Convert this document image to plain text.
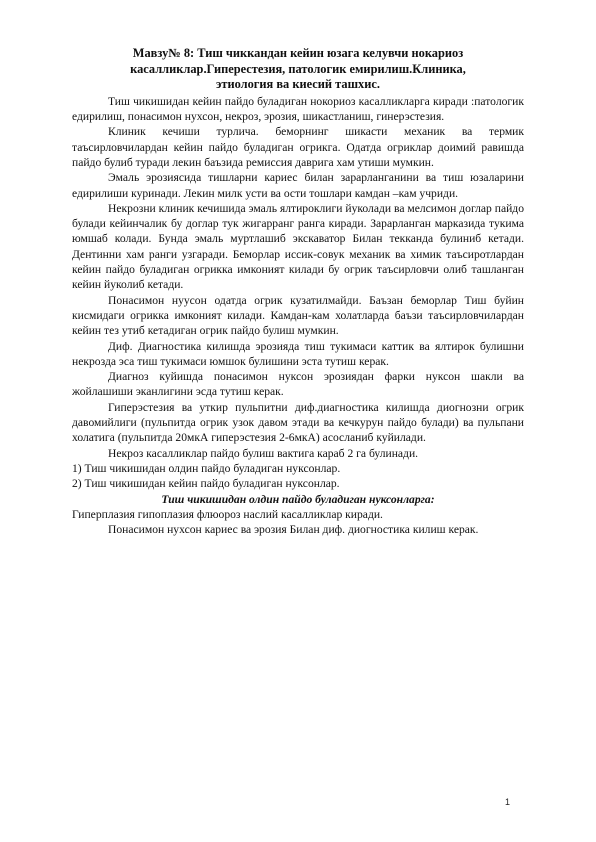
Мавзу№ 8: Тиш чиккандан кейин юзага келувчи нокариоз
касалликлар.Гиперестезия, патологик емирилиш.Клиника,
этиология ва киесий ташхис.

Тиш чикишидан кейин пайдо буладиган нокориоз касалликларга киради :патологик едирилиш, понасимон нухсон, некроз, эрозия, шикастланиш, гинерэстезия.

Клиник кечиши турлича. беморнинг шикасти механик ва термик таъсирловчилардан кейин пайдо буладиган огрикга. Одатда огриклар доимий равишда пайдо булиб туради лекин баъзида ремиссия даврига хам утиши мумкин.

Эмаль эрозиясида тишларни кариес билан зарарланганини ва тиш юзаларини едирилиши куринади. Лекин милк усти ва ости тошлари камдан –кам учриди.

Некрозни клиник кечишида эмаль ялтироклиги йуколади ва мелсимон доглар пайдо булади кейинчалик бу доглар тук жигарранг ранга киради. Зарарланган марказида тукима юмшаб колади. Бунда эмаль муртлашиб экскаватор Билан текканда булиниб кетади. Дентинни хам ранги узгаради. Беморлар иссик-совук механик ва химик таъсиротлардан кейин пайдо буладиган огрикка имконият килади бу огрик таъсирловчи олиб ташланган кейин йуколиб кетади.

Понасимон нуусон одатда огрик кузатилмайди. Баъзан беморлар Тиш буйин кисмидаги огрикка имконият килади. Камдан-кам холатларда баъзи таъсирловчилардан кейин тез утиб кетадиган огрик пайдо булиш мумкин.

Диф. Диагностика килишда эрозияда тиш тукимаси каттик ва ялтирок булишни некрозда эса тиш тукимаси юмшок булишини эста тутиш керак.

Диагноз куйишда понасимон нуксон эрозиядан фарки нуксон шакли ва жойлашиши эканлигини эсда тутиш керак.

Гиперэстезия ва уткир пульпитни диф.диагностика килишда диогнозни огрик давомийлиги (пульпитда огрик узок давом этади ва кечкурун пайдо булади) ва пульпани холатига (пульпитда 20мкА гиперэстезия 2-6мкА) асосланиб куйилади.

Некроз касалликлар пайдо булиш вактига караб 2 га булинади.

1) Тиш чикишидан олдин пайдо буладиган нуксонлар.

2) Тиш чикишидан кейин пайдо буладиган нуксонлар.

Тиш чикишидан олдин пайдо буладиган нуксонларга:

Гиперплазия гипоплазия флюороз наслий касалликлар киради.

Понасимон нухсон кариес ва эрозия Билан диф. диогностика килиш керак.

1
